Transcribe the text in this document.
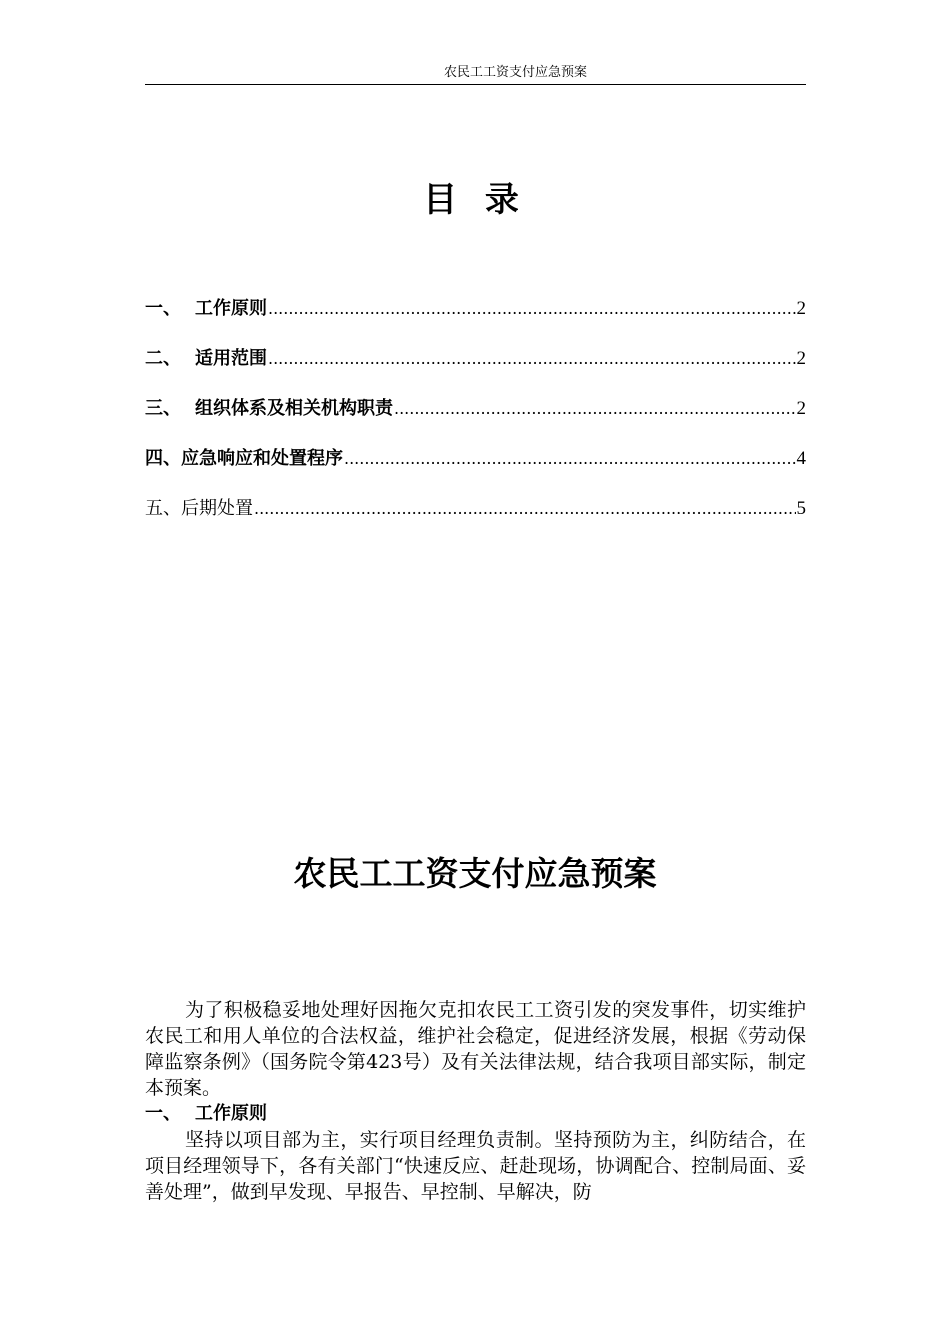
农民工工资支付应急预案
目 录
一、 工作原则 .....	2
二、 适用范围 .....	2
三、 组织体系及相关机构职责 .....	2
四、应急响应和处置程序 .....	4
五、后期处置 .....	5
农民工工资支付应急预案

为了积极稳妥地处理好因拖欠克扣农民工工资引发的突发事件，切实维护农民工和用人单位的合法权益，维护社会稳定，促进经济发展，根据《劳动保障监察条例》（国务院令第423号）及有关法律法规，结合我项目部实际，制定本预案。

一、 工作原则

坚持以项目部为主，实行项目经理负责制。坚持预防为主，纠防结合，在项目经理领导下，各有关部门“快速反应、赶赴现场，协调配合、控制局面、妥善处理”，做到早发现、早报告、早控制、早解决，防
